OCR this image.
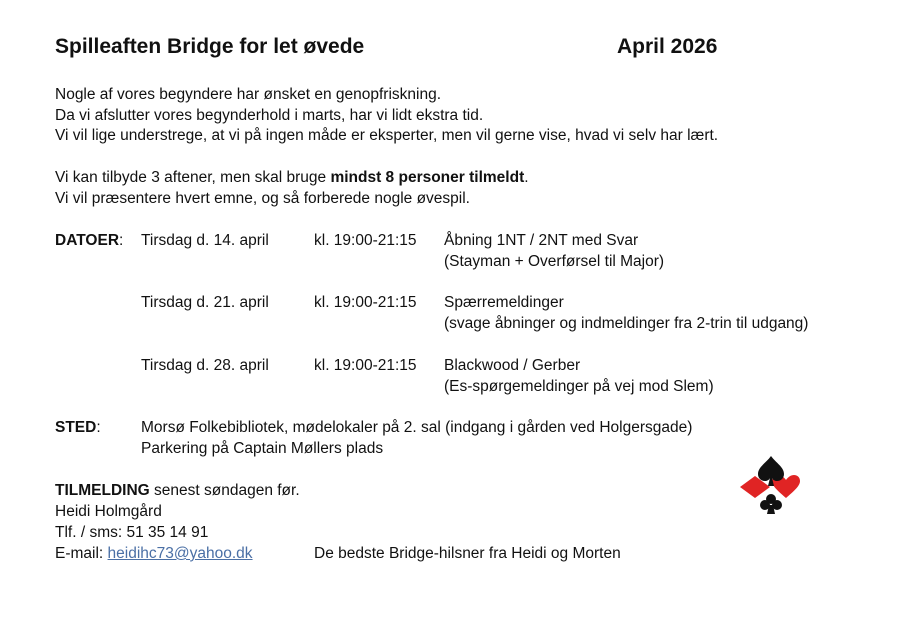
Spilleaften Bridge for let øvede	April 2026
Nogle af vores begyndere har ønsket en genopfriskning.
Da vi afslutter vores begynderhold i marts, har vi lidt ekstra tid.
Vi vil lige understrege, at vi på ingen måde er eksperter, men vil gerne vise, hvad vi selv har lært.
Vi kan tilbyde 3 aftener, men skal bruge mindst 8 personer tilmeldt.
Vi vil præsentere hvert emne, og så forberede nogle øvespil.
DATOER: Tirsdag d. 14. april	kl. 19:00-21:15 Åbning 1NT / 2NT med Svar
(Stayman + Overførsel til Major)
Tirsdag d. 21. april	kl. 19:00-21:15 Spærremeldinger
(svage åbninger og indmeldinger fra 2-trin til udgang)
Tirsdag d. 28. april	kl. 19:00-21:15 Blackwood / Gerber
(Es-spørgemeldinger på vej mod Slem)
STED:	Morsø Folkebibliotek, mødelokaler på 2. sal (indgang i gården ved Holgersgade)
Parkering på Captain Møllers plads
TILMELDING senest søndagen før.
Heidi Holmgård
Tlf. / sms: 51 35 14 91
E-mail: heidihc73@yahoo.dk	De bedste Bridge-hilsner fra Heidi og Morten
